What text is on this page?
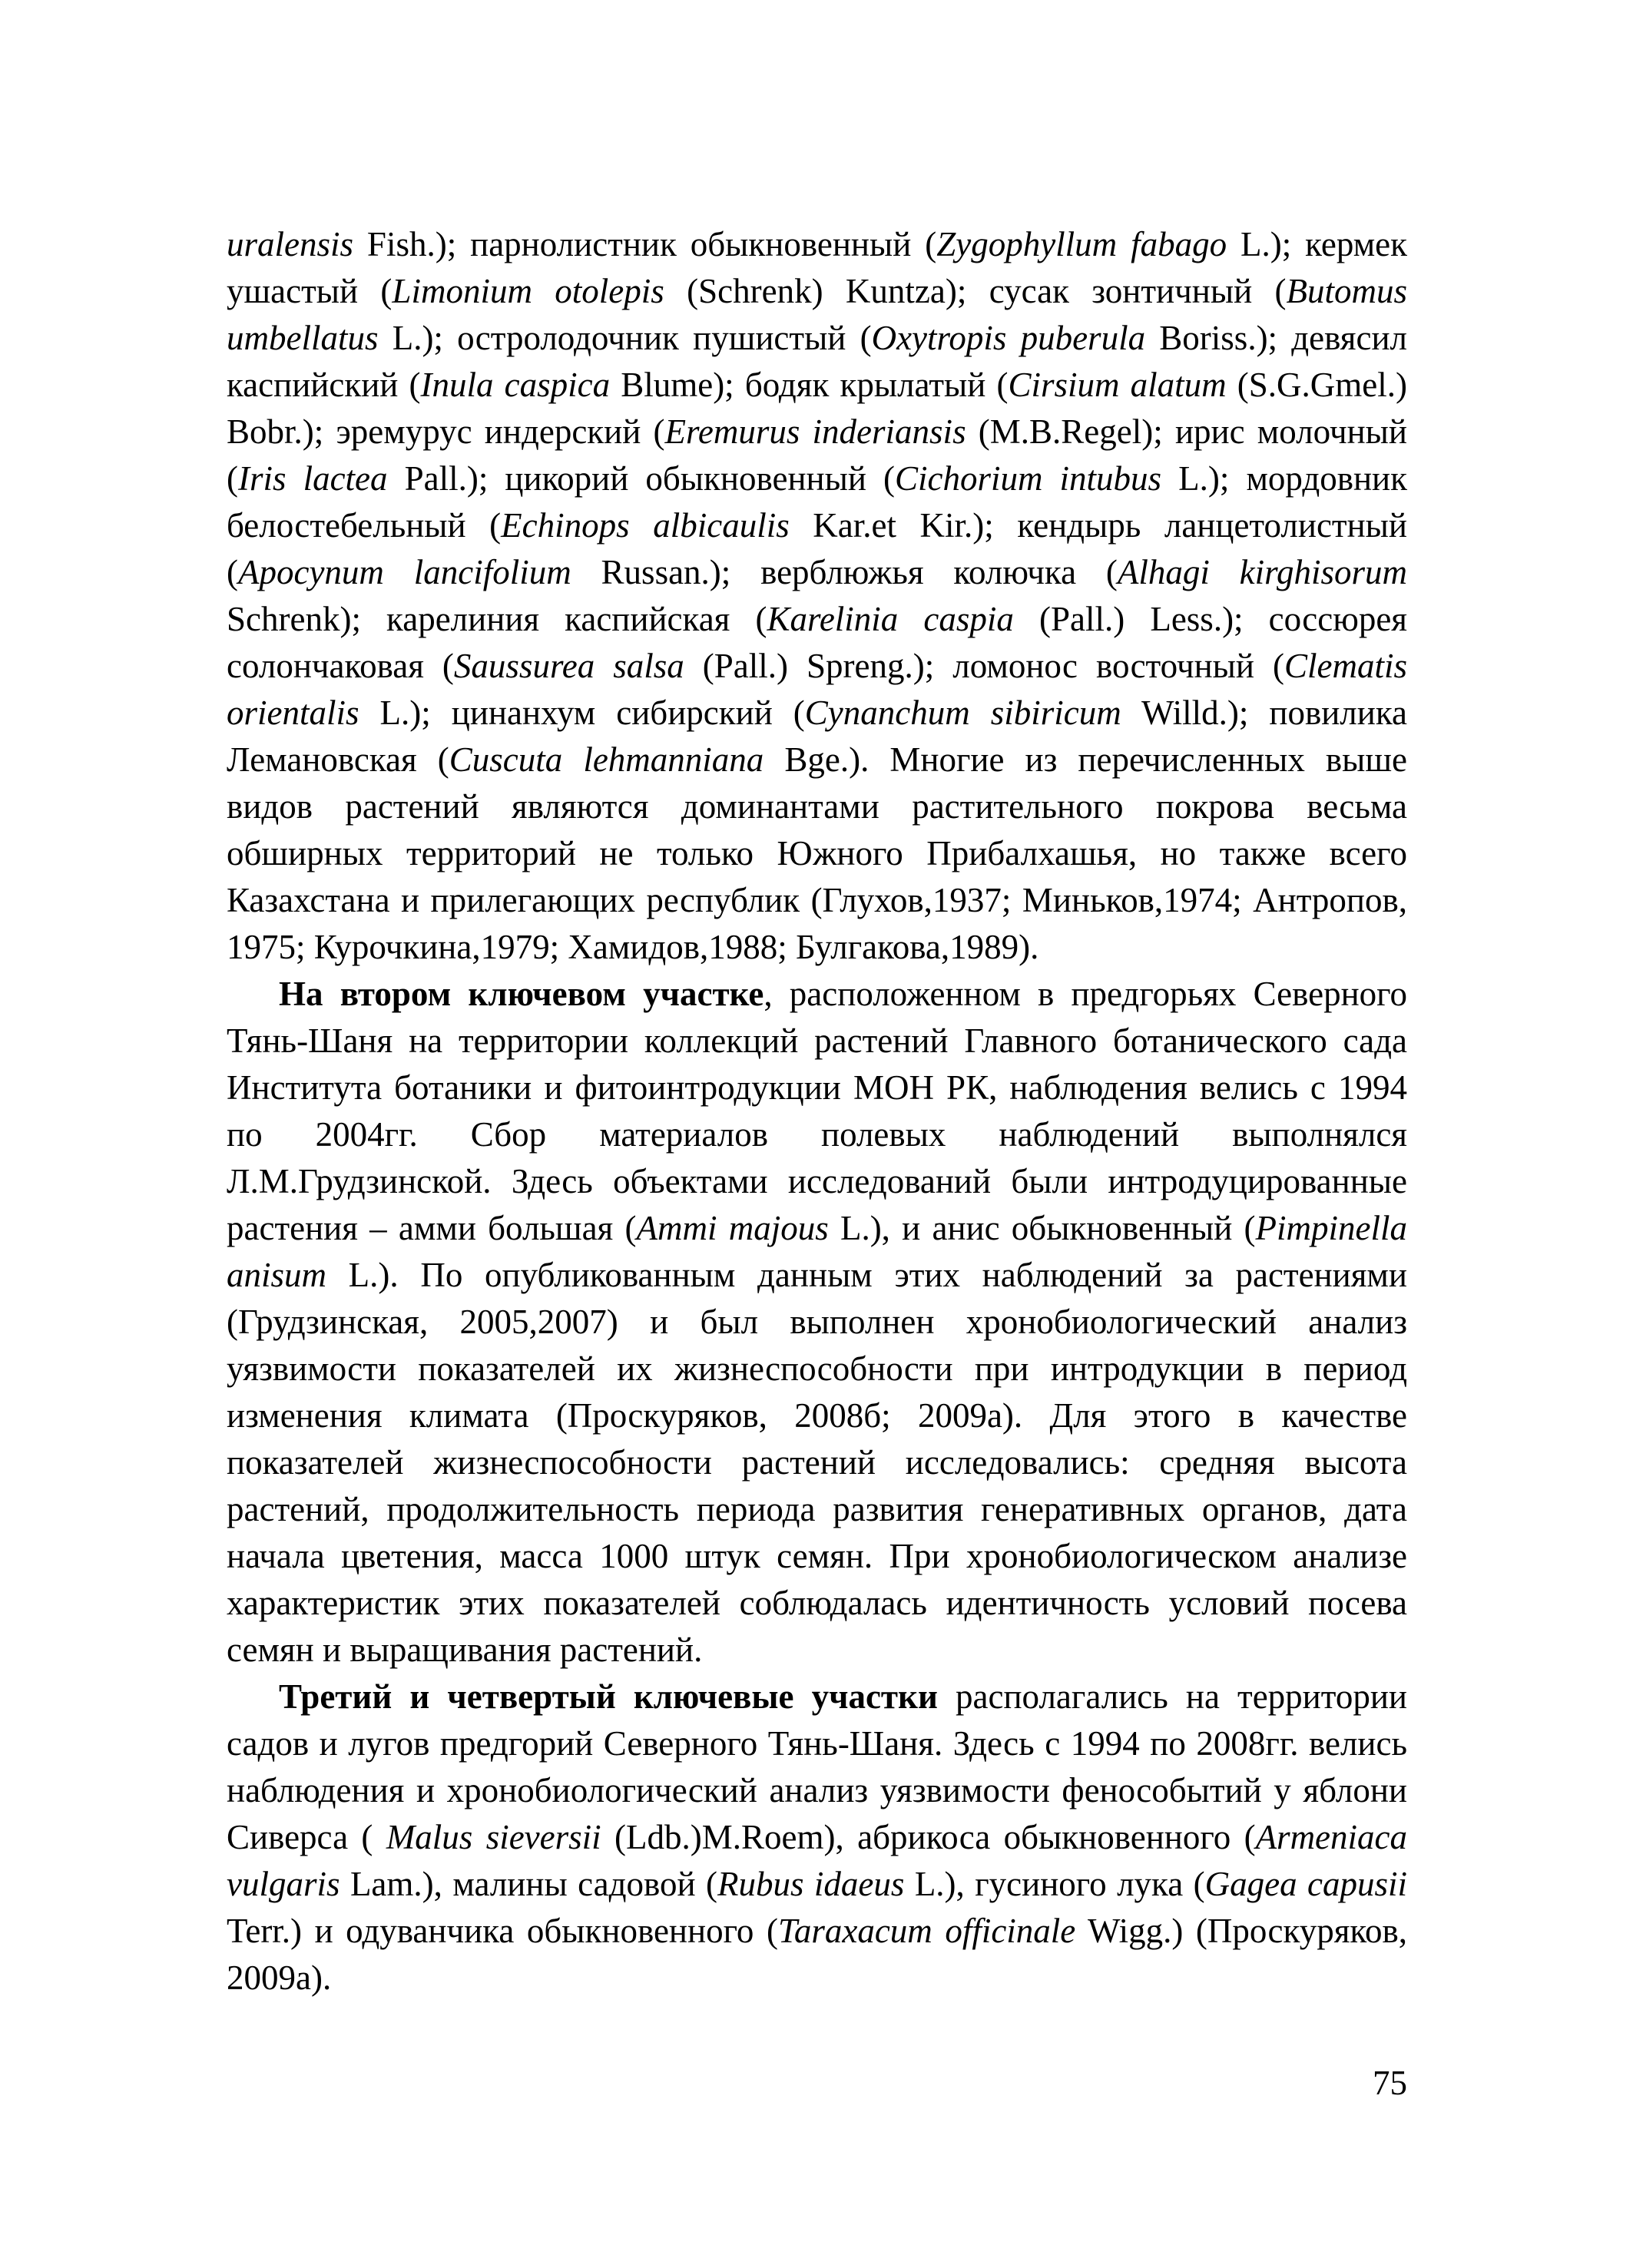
uralensis Fish.); парнолистник обыкновенный (Zygophyllum fabago L.); кермек ушастый (Limonium otolepis (Schrenk) Kuntza); сусак зонтичный (Butomus umbellatus L.); остролодочник пушистый (Oxytropis puberula Boriss.); девясил каспийский (Inula caspica Blume); бодяк крылатый (Cirsium alatum (S.G.Gmel.) Bobr.); эремурус индерский (Eremurus inderiansis (M.B.Regel); ирис молочный (Iris lactea Pall.); цикорий обыкновенный (Cichorium intubus L.); мордовник белостебельный (Echinops albicaulis Kar.et Kir.); кендырь ланцетолистный (Apocynum lancifolium Russan.); верблюжья колючка (Alhagi kirghisorum Schrenk); карелиния каспийская (Karelinia caspia (Pall.) Less.); соссюрея солончаковая (Saussurea salsa (Pall.) Spreng.); ломонос восточный (Clematis orientalis L.); цинанхум сибирский (Cynanchum sibiricum Willd.); повилика Лемановская (Cuscuta lehmanniana Bge.). Многие из перечисленных выше видов растений являются доминантами растительного покрова весьма обширных территорий не только Южного Прибалхашья, но также всего Казахстана и прилегающих республик (Глухов,1937; Миньков,1974; Антропов, 1975; Курочкина,1979; Хамидов,1988; Булгакова,1989).

На втором ключевом участке, расположенном в предгорьях Северного Тянь-Шаня на территории коллекций растений Главного ботанического сада Института ботаники и фитоинтродукции МОН РК, наблюдения велись с 1994 по 2004гг. Сбор материалов полевых наблюдений выполнялся Л.М.Грудзинской. Здесь объектами исследований были интродуцированные растения – амми большая (Ammi majous L.), и анис обыкновенный (Pimpinella anisum L.). По опубликованным данным этих наблюдений за растениями (Грудзинская, 2005,2007) и был выполнен хронобиологический анализ уязвимости показателей их жизнеспособности при интродукции в период изменения климата (Проскуряков, 2008б; 2009а). Для этого в качестве показателей жизнеспособности растений исследовались: средняя высота растений, продолжительность периода развития генеративных органов, дата начала цветения, масса 1000 штук семян. При хронобиологическом анализе характеристик этих показателей соблюдалась идентичность условий посева семян и выращивания растений.

Третий и четвертый ключевые участки располагались на территории садов и лугов предгорий Северного Тянь-Шаня. Здесь с 1994 по 2008гг. велись наблюдения и хронобиологический анализ уязвимости фенособытий у яблони Сиверса ( Malus sieversii (Ldb.)M.Roem), абрикоса обыкновенного (Armeniaca vulgaris Lam.), малины садовой (Rubus idaeus L.), гусиного лука (Gagea capusii Terr.) и одуванчика обыкновенного (Taraxacum officinale Wigg.) (Проскуряков, 2009а).

75
